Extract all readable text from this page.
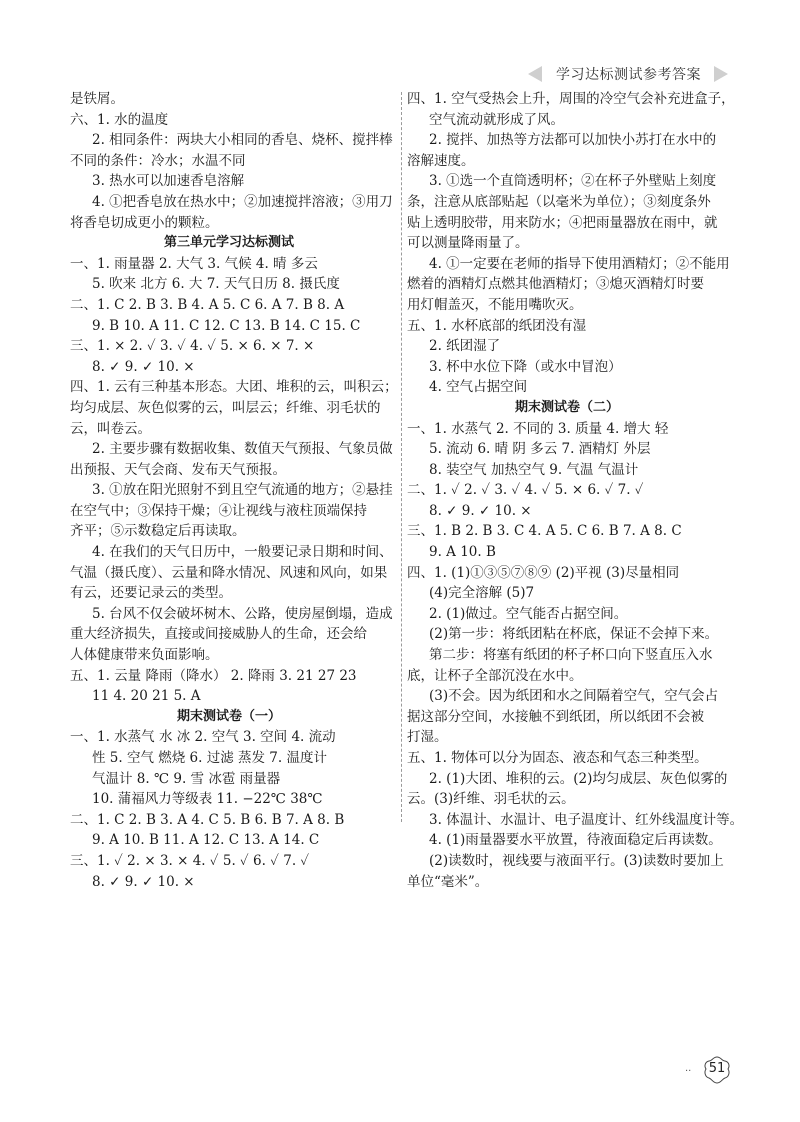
学习达标测试参考答案
是铁屑。
六、1. 水的温度
2. 相同条件：两块大小相同的香皂、烧杯、搅拌棒
不同的条件：冷水；水温不同
3. 热水可以加速香皂溶解
4. ①把香皂放在热水中；②加速搅拌溶液；③用刀
将香皂切成更小的颗粒。
第三单元学习达标测试
一、1. 雨量器 2. 大气 3. 气候 4. 晴 多云
5. 吹来 北方 6. 大 7. 天气日历 8. 摄氏度
二、1. C 2. B 3. B 4. A 5. C 6. A 7. B 8. A
9. B 10. A 11. C 12. C 13. B 14. C 15. C
三、1. × 2. ✓ 3. ✓ 4. ✓ 5. × 6. × 7. ×
8. ✓ 9. ✓ 10. ×
四、1. 云有三种基本形态。大团、堆积的云，叫积云；
均匀成层、灰色似雾的云，叫层云；纤维、羽毛状的
云，叫卷云。
2. 主要步骤有数据收集、数值天气预报、气象员做
出预报、天气会商、发布天气预报。
3. ①放在阳光照射不到且空气流通的地方；②悬挂
在空气中；③保持干燥；④让视线与液柱顶端保持
齐平；⑤示数稳定后再读取。
4. 在我们的天气日历中，一般要记录日期和时间、
气温（摄氏度）、云量和降水情况、风速和风向，如果
有云，还要记录云的类型。
5. 台风不仅会破坏树木、公路，使房屋倒塌，造成
重大经济损失，直接或间接威胁人的生命，还会给
人体健康带来负面影响。
五、1. 云量 降雨（降水） 2. 降雨 3. 21 27 23
11 4. 20 21 5. A
期末测试卷（一）
一、1. 水蒸气 水 冰 2. 空气 3. 空间 4. 流动
性 5. 空气 燃烧 6. 过滤 蒸发 7. 温度计
气温计 8. ℃ 9. 雪 冰雹 雨量器
10. 蒲福风力等级表 11. −22℃ 38℃
二、1. C 2. B 3. A 4. C 5. B 6. B 7. A 8. B
9. A 10. B 11. A 12. C 13. A 14. C
三、1. ✓ 2. × 3. × 4. ✓ 5. ✓ 6. ✓ 7. ✓
8. ✓ 9. ✓ 10. ×
四、1. 空气受热会上升，周围的冷空气会补充进盒子，
空气流动就形成了风。
2. 搅拌、加热等方法都可以加快小苏打在水中的
溶解速度。
3. ①选一个直筒透明杯；②在杯子外壁贴上刻度
条，注意从底部贴起（以毫米为单位）；③刻度条外
贴上透明胶带，用来防水；④把雨量器放在雨中，就
可以测量降雨量了。
4. ①一定要在老师的指导下使用酒精灯；②不能用
燃着的酒精灯点燃其他酒精灯；③熄灭酒精灯时要
用灯帽盖灭，不能用嘴吹灭。
五、1. 水杯底部的纸团没有湿
2. 纸团湿了
3. 杯中水位下降（或水中冒泡）
4. 空气占据空间
期末测试卷（二）
一、1. 水蒸气 2. 不同的 3. 质量 4. 增大 轻
5. 流动 6. 晴 阴 多云 7. 酒精灯 外层
8. 装空气 加热空气 9. 气温 气温计
二、1. ✓ 2. ✓ 3. ✓ 4. ✓ 5. × 6. ✓ 7. ✓
8. ✓ 9. ✓ 10. ×
三、1. B 2. B 3. C 4. A 5. C 6. B 7. A 8. C
9. A 10. B
四、1. (1)①③⑤⑦⑧⑨ (2)平视 (3)尽量相同
(4)完全溶解 (5)7
2. (1)做过。空气能否占据空间。
(2)第一步：将纸团粘在杯底，保证不会掉下来。
第二步：将塞有纸团的杯子杯口向下竖直压入水
底，让杯子全部沉没在水中。
(3)不会。因为纸团和水之间隔着空气，空气会占
据这部分空间，水接触不到纸团，所以纸团不会被
打湿。
五、1. 物体可以分为固态、液态和气态三种类型。
2. (1)大团、堆积的云。(2)均匀成层、灰色似雾的
云。(3)纤维、羽毛状的云。
3. 体温计、水温计、电子温度计、红外线温度计等。
4. (1)雨量器要水平放置，待液面稳定后再读数。
(2)读数时，视线要与液面平行。(3)读数时要加上
单位“毫米”。
··	51
